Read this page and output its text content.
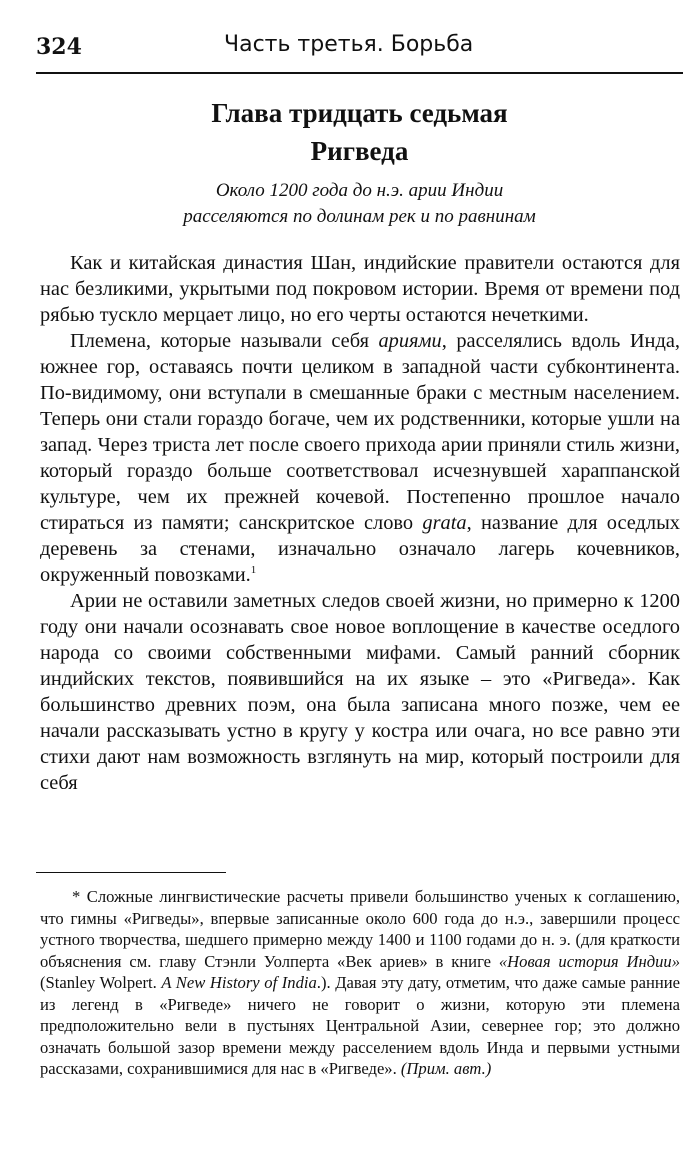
324	Часть третья. Борьба
Глава тридцать седьмая
Ригведа
Около 1200 года до н.э. арии Индии
расселяются по долинам рек и по равнинам

Как и китайская династия Шан, индийские правители остаются для нас безликими, укрытыми под покровом истории. Время от времени под рябью тускло мерцает лицо, но его черты остаются нечеткими.

Племена, которые называли себя ариями, расселялись вдоль Инда, южнее гор, оставаясь почти целиком в западной части субконтинента. По-видимому, они вступали в смешанные браки с местным населением. Теперь они стали гораздо богаче, чем их родственники, которые ушли на запад. Через триста лет после своего прихода арии приняли стиль жизни, который гораздо больше соответствовал исчезнувшей хараппанской культуре, чем их прежней кочевой. Постепенно прошлое начало стираться из памяти; санскритское слово grata, название для оседлых деревень за стенами, изначально означало лагерь кочевников, окруженный повозками.$^1$

Арии не оставили заметных следов своей жизни, но примерно к 1200 году они начали осознавать свое новое воплощение в качестве оседлого народа со своими собственными мифами. Самый ранний сборник индийских текстов, появившийся на их языке – это «Ригведа». Как большинство древних поэм, она была записана много позже, чем ее начали рассказывать устно в кругу у костра или очага, но все равно эти стихи дают нам возможность взглянуть на мир, который построили для себя

* Сложные лингвистические расчеты привели большинство ученых к соглашению, что гимны «Ригведы», впервые записанные около 600 года до н.э., завершили процесс устного творчества, шедшего примерно между 1400 и 1100 годами до н. э. (для краткости объяснения см. главу Стэнли Уолперта «Век ариев» в книге «Новая история Индии» (Stanley Wolpert. A New History of India.). Давая эту дату, отметим, что даже самые ранние из легенд в «Ригведе» ничего не говорит о жизни, которую эти племена предположительно вели в пустынях Центральной Азии, севернее гор; это должно означать большой зазор времени между расселением вдоль Инда и первыми устными рассказами, сохранившимися для нас в «Ригведе». (Прим. авт.)
